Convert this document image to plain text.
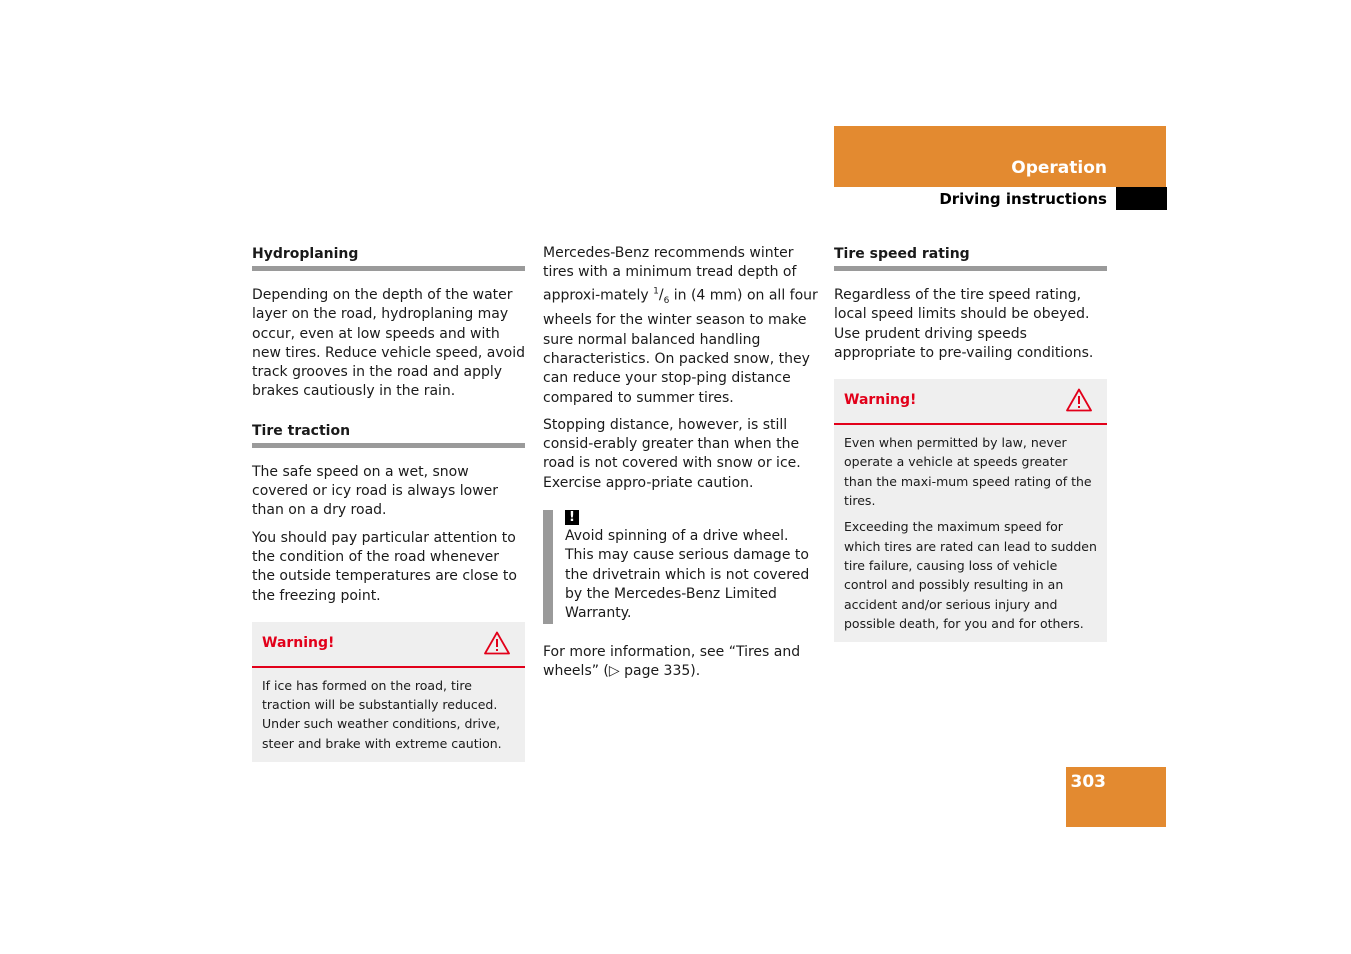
Operation
Driving instructions
Hydroplaning

Depending on the depth of the water layer on the road, hydroplaning may occur, even at low speeds and with new tires. Reduce vehicle speed, avoid track grooves in the road and apply brakes cautiously in the rain.

Tire traction

The safe speed on a wet, snow covered or icy road is always lower than on a dry road.

You should pay particular attention to the condition of the road whenever the outside temperatures are close to the freezing point.

Warning!

If ice has formed on the road, tire traction will be substantially reduced. Under such weather conditions, drive, steer and brake with extreme caution.

Mercedes-Benz recommends winter tires with a minimum tread depth of approxi-mately $^1/_6$ in (4 mm) on all four wheels for the winter season to make sure normal balanced handling characteristics. On packed snow, they can reduce your stop-ping distance compared to summer tires.

Stopping distance, however, is still consid-erably greater than when the road is not covered with snow or ice. Exercise appro-priate caution.

!

Avoid spinning of a drive wheel. This may cause serious damage to the drivetrain which is not covered by the Mercedes-Benz Limited Warranty.

For more information, see “Tires and wheels” (▷ page 335).

Tire speed rating

Regardless of the tire speed rating, local speed limits should be obeyed. Use prudent driving speeds appropriate to pre-vailing conditions.

Warning!

Even when permitted by law, never operate a vehicle at speeds greater than the maxi-mum speed rating of the tires.

Exceeding the maximum speed for which tires are rated can lead to sudden tire failure, causing loss of vehicle control and possibly resulting in an accident and/or serious injury and possible death, for you and for others.

303
